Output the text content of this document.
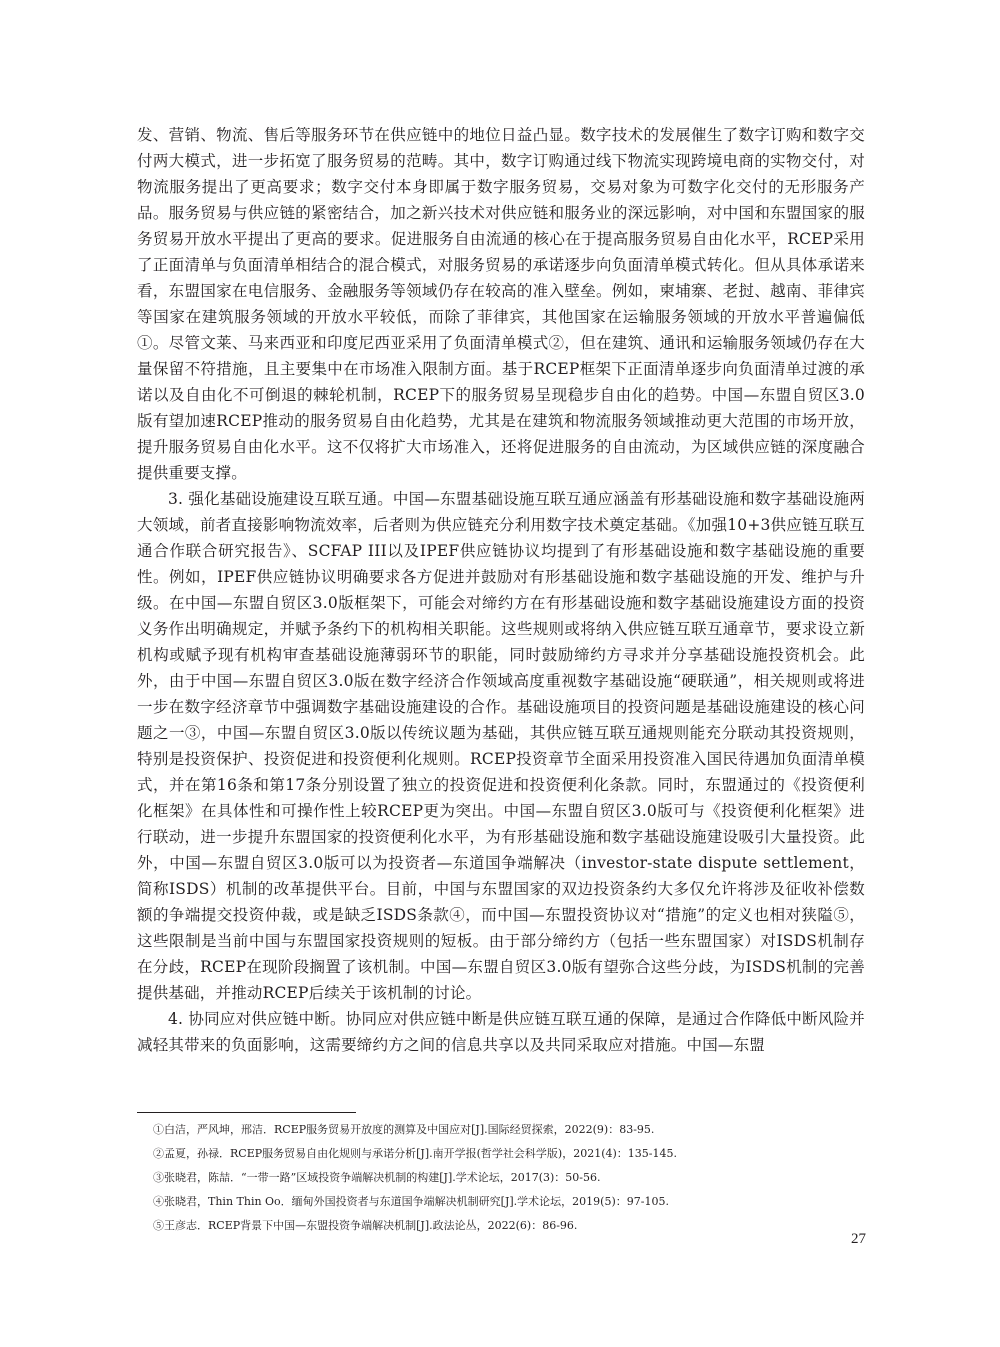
发、营销、物流、售后等服务环节在供应链中的地位日益凸显。数字技术的发展催生了数字订购和数字交付两大模式，进一步拓宽了服务贸易的范畴。其中，数字订购通过线下物流实现跨境电商的实物交付，对物流服务提出了更高要求；数字交付本身即属于数字服务贸易，交易对象为可数字化交付的无形服务产品。服务贸易与供应链的紧密结合，加之新兴技术对供应链和服务业的深远影响，对中国和东盟国家的服务贸易开放水平提出了更高的要求。促进服务自由流通的核心在于提高服务贸易自由化水平，RCEP采用了正面清单与负面清单相结合的混合模式，对服务贸易的承诺逐步向负面清单模式转化。但从具体承诺来看，东盟国家在电信服务、金融服务等领域仍存在较高的准入壁垒。例如，柬埔寨、老挝、越南、菲律宾等国家在建筑服务领域的开放水平较低，而除了菲律宾，其他国家在运输服务领域的开放水平普遍偏低①。尽管文莱、马来西亚和印度尼西亚采用了负面清单模式②，但在建筑、通讯和运输服务领域仍存在大量保留不符措施，且主要集中在市场准入限制方面。基于RCEP框架下正面清单逐步向负面清单过渡的承诺以及自由化不可倒退的棘轮机制，RCEP下的服务贸易呈现稳步自由化的趋势。中国—东盟自贸区3.0版有望加速RCEP推动的服务贸易自由化趋势，尤其是在建筑和物流服务领域推动更大范围的市场开放，提升服务贸易自由化水平。这不仅将扩大市场准入，还将促进服务的自由流动，为区域供应链的深度融合提供重要支撑。

3. 强化基础设施建设互联互通。中国—东盟基础设施互联互通应涵盖有形基础设施和数字基础设施两大领域，前者直接影响物流效率，后者则为供应链充分利用数字技术奠定基础。《加强10+3供应链互联互通合作联合研究报告》、SCFAP III以及IPEF供应链协议均提到了有形基础设施和数字基础设施的重要性。例如，IPEF供应链协议明确要求各方促进并鼓励对有形基础设施和数字基础设施的开发、维护与升级。在中国—东盟自贸区3.0版框架下，可能会对缔约方在有形基础设施和数字基础设施建设方面的投资义务作出明确规定，并赋予条约下的机构相关职能。这些规则或将纳入供应链互联互通章节，要求设立新机构或赋予现有机构审查基础设施薄弱环节的职能，同时鼓励缔约方寻求并分享基础设施投资机会。此外，由于中国—东盟自贸区3.0版在数字经济合作领域高度重视数字基础设施“硬联通”，相关规则或将进一步在数字经济章节中强调数字基础设施建设的合作。基础设施项目的投资问题是基础设施建设的核心问题之一③，中国—东盟自贸区3.0版以传统议题为基础，其供应链互联互通规则能充分联动其投资规则，特别是投资保护、投资促进和投资便利化规则。RCEP投资章节全面采用投资准入国民待遇加负面清单模式，并在第16条和第17条分别设置了独立的投资促进和投资便利化条款。同时，东盟通过的《投资便利化框架》在具体性和可操作性上较RCEP更为突出。中国—东盟自贸区3.0版可与《投资便利化框架》进行联动，进一步提升东盟国家的投资便利化水平，为有形基础设施和数字基础设施建设吸引大量投资。此外，中国—东盟自贸区3.0版可以为投资者—东道国争端解决（investor-state dispute settlement，简称ISDS）机制的改革提供平台。目前，中国与东盟国家的双边投资条约大多仅允许将涉及征收补偿数额的争端提交投资仲裁，或是缺乏ISDS条款④，而中国—东盟投资协议对“措施”的定义也相对狭隘⑤，这些限制是当前中国与东盟国家投资规则的短板。由于部分缔约方（包括一些东盟国家）对ISDS机制存在分歧，RCEP在现阶段搁置了该机制。中国—东盟自贸区3.0版有望弥合这些分歧，为ISDS机制的完善提供基础，并推动RCEP后续关于该机制的讨论。

4. 协同应对供应链中断。协同应对供应链中断是供应链互联互通的保障，是通过合作降低中断风险并减轻其带来的负面影响，这需要缔约方之间的信息共享以及共同采取应对措施。中国—东盟

①白洁，严风坤，邢洁．RCEP服务贸易开放度的测算及中国应对[J].国际经贸探索，2022(9)：83-95.
②孟夏，孙禄．RCEP服务贸易自由化规则与承诺分析[J].南开学报(哲学社会科学版)，2021(4)：135-145.
③张晓君，陈喆．“一带一路”区域投资争端解决机制的构建[J].学术论坛，2017(3)：50-56.
④张晓君，Thin Thin Oo．缅甸外国投资者与东道国争端解决机制研究[J].学术论坛，2019(5)：97-105.
⑤王彦志．RCEP背景下中国—东盟投资争端解决机制[J].政法论丛，2022(6)：86-96.
27
